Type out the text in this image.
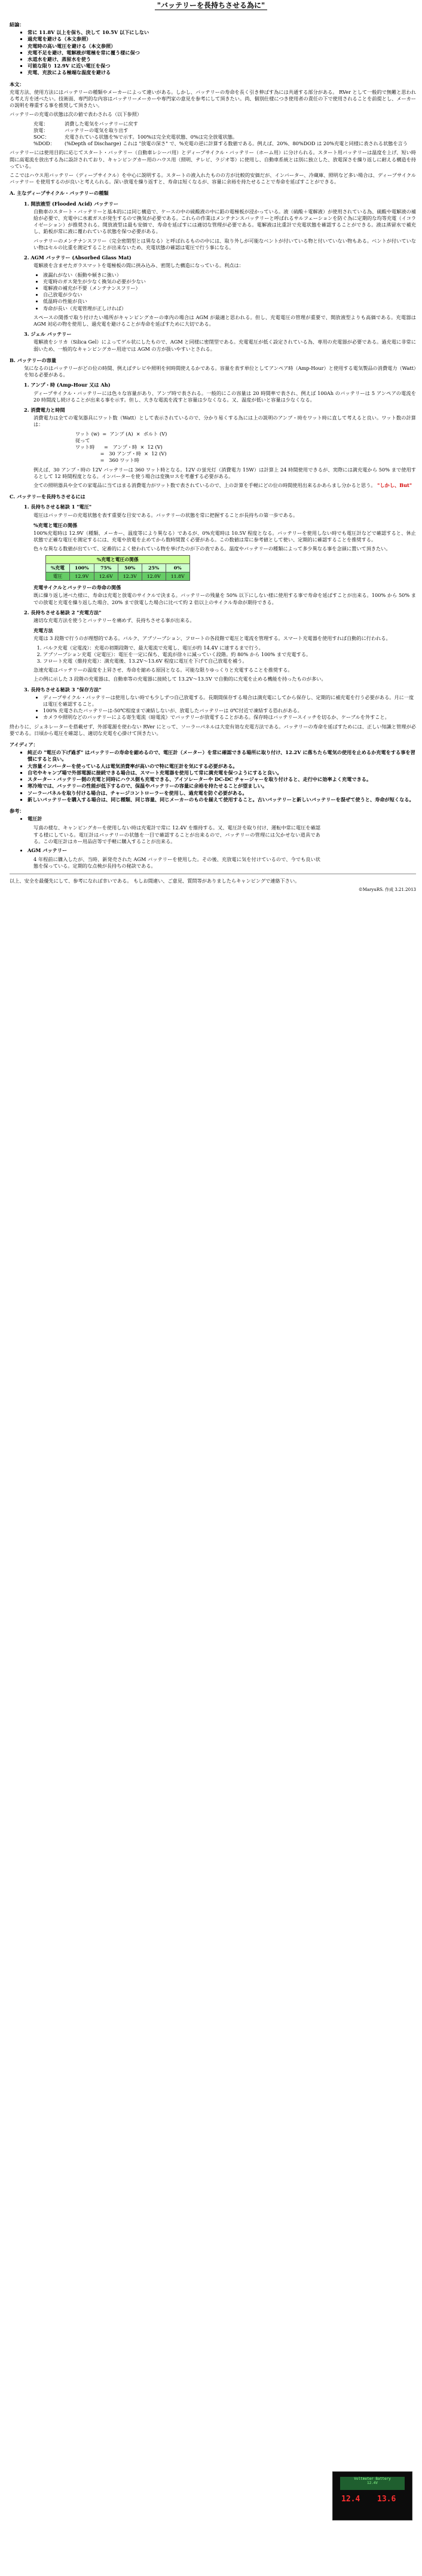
"バッテリーを長持ちさせる為に"
結論：
▪ 常に 11.8V 以上を保ち、決して 10.5V 以下にしない
▪ 過充電を避ける（本文参照）
▪ 充電時の高い電圧を避ける（本文参照）
▪ 充電不足を避け、電解液が電極を常に覆う様に保つ
▪ 水道水を避け、蒸留水を使う
▪ 可能な限り 12.9V に近い電圧を保つ
▪ 充電、充放による極端な温度を避ける
本文：
充電方法、使用方法にはバッテリーの種類やメーカーによって違いがある。しかし、バッテリーの寿命を長く引き伸ばす為には共通する部分がある。 RVer として一般的で無難と思われる考え方を述べたい。技術面、専門的な内容はバッテリーメーカーや専門家の意見を参考にして頂きたい。尚、個別仕様につき使用者の責任の下で使用されることを前提とし、メーカーの説明を尊重する事を推奨して頂きたい。
バッテリーの充電の状態は次の値で表わされる（以下参照）
充電：	消費した電気をバッテリーに戻す
放電：	バッテリーの電気を取り出す
SOC：	充電されている状態を%で示す。100%は完全充電状態、0%は完全放電状態。
%DOD： (%Depth of Discharge) これは "放電の深さ" で、%充電の逆に計算する数値である。例えば、20%、80%DOD は 20%充電と同様に表される状態を言う
バッテリーには使用目的に応じてスタート・バッテリー（自動車レシーバ用）とディープサイクル・バッテリー（ホーム用）に分けられる。スタート用バッテリーは温度を上げ、短い時間に高電流を放出する為に設計されており、キャンピングカー用のハウス用（照明、テレビ、ラジオ等）に使用し、自動車系統とは別に独立した、放電深さを繰り返しに耐える構造を持っている。
ここではハウス用バッテリー（ディープサイクル）を中心に説明する。スタートの液入れたものの方が比較的安価だが、インバーター、冷蔵庫、照明など多い場合は、ディープサイクル バッテリー を使用するのが良いと考えられる。深い放電を繰り返すと、寿命は短くなるが、容量に余裕を持たせることで寿命を延ばすことができる。
A. 主なディープサイクル・バッテリーの種類
1. 開放液型 (Flooded Acid) バッテリー
自動車のスタート・バッテリーと基本的には同じ構造で、ケースの中の硫酸液の中に鉛の電極板が浸かっている。液（硫酸＋電解液）が使用されている為、硫酸や電解液の補給が必要で、充電中に水素ガスが発生するので換気が必要である。これらの作業はメンテナンスバッテリーと呼ばれるサルフェーションを防ぐ為に定期的な均等充電（イコライゼーション）が推奨される。開放液型は最も安価で、寿命を延ばすには適切な管理が必要である。電解液は比重計で充電状態を確認することができる。液は蒸留水で補充し、鉛板が常に液に覆われている状態を保つ必要がある。
バッテリーのメンテナンスフリー（完全密閉型とは異なる）と呼ばれるものの中には、取り外しが可能なベントが付いている物と付いていない物もある。ベントが付いていない物はセルの比重を測定することが出来ないため、充電状態の確認は電圧で行う事になる。
2. AGM バッテリー (Absorbed Glass Mat)
電解液を含ませたガラスマットを電極板の間に挟み込み、密閉した構造になっている。利点は：
• 液漏れがない（振動や傾きに強い）
• 充電時のガス発生が少なく換気の必要が少ない
• 電解液の補充が不要（メンテナンスフリー）
• 自己放電が少ない
• 低温時の性能が良い
• 寿命が長い（充電管理が正しければ）
スペースの関係で取り付けたい場所がキャンピングカーの車内の場合は AGM が最適と思われる。但し、充電電圧の管理が重要で、開放液型よりも高価である。充電器は AGM 対応の物を使用し、過充電を避けることが寿命を延ばすために大切である。
3. ジェル バッテリー
電解液をシリカ（Silica Gel）によってゲル状にしたもので、AGM と同様に密閉型である。充電電圧が低く設定されている為、専用の充電器が必要である。過充電に非常に弱いため、一般的なキャンピングカー用途では AGM の方が扱いやすいとされる。
B. バッテリーの容量
気になるのはバッテリーがどの位の時間、例えばテレビや照明を何時間使えるかである。容量を表す単位としてアンペア時（Amp-Hour）と使用する電気製品の消費電力（Watt）を知る必要がある。
1. アンプ・時 (Amp-Hour 又は Ah)
ディープサイクル・バッテリーには色々な容量があり、アンプ時で表される。一般的にこの容量は 20 時間率で表され、例えば 100Ah のバッテリーは 5 アンペアの電流を 20 時間流し続けることが出来る事を示す。但し、大きな電流を流すと容量は少なくなる。又、温度が低いと容量は少なくなる。
2. 消費電力と時間
消費電力は全ての電気器具にワット数（Watt）として表示されているので、分かり易くする為には上の説明のアンプ・時をワット時に直して考えると良い。ワット数の計算は：
ワット (w)  =  アンプ (A)  ×  ボルト (V)
従って
ワット時      =   アンプ・時  ×  12 (V)
=   30 アンプ・時  ×  12 (V)
=   360 ワット時
例えば、30 アンプ・時の 12V バッテリーは 360 ワット時となる。12V の蛍光灯（消費電力 15W）は計算上 24 時間使用できるが、実際には満充電から 50% まで使用するとして 12 時間程度となる。インバーターを使う場合は変換ロスを考慮する必要がある。
全ての照明器具や全ての家電品に当てはまる消費電力がワット数で表されているので、上の計算を手軽にどの位の時間使用出来るかあらまし分かると思う。 "しかし、But"
C. バッテリーを長持ちさせるには
1. 長持ちさせる秘訣 1 "電圧"
電圧はバッテリーの充電状態を表す重要な目安である。バッテリーの状態を常に把握することが長持ちの第一歩である。
%充電と電圧の関係
100%充電時は 12.9V（種類、メーカー、温度等により異なる）であるが、0%充電時は 10.5V 程度となる。バッテリーを使用しない時でも電圧計などで確認すると、休止状態で正確な電圧を測定するには、充電や放電を止めてから数時間置く必要がある。この数値は常に参考値として使い、定期的に確認することを推奨する。
色々な異なる数値が出ていて、定番的によく使われている物を挙げたのが下の表である。温度やバッテリーの種類によって多少異なる事を念頭に置いて頂きたい。
%充電と電圧の関係					
%充電	100%	75%	50%	25%	0%
電圧	12.9V	12.6V	12.3V	12.0V	11.8V
充電サイクルとバッテリーの寿命の関係
既に繰り返し述べた様に、寿命は充電と放電のサイクルで決まる。バッテリーの残量を 50% 以下にしない様に使用する事で寿命を延ばすことが出来る。100% から 50% までの放電と充電を繰り返した場合、20% まで放電した場合に比べて約 2 倍以上のサイクル寿命が期待できる。
2. 長持ちさせる秘訣 2 "充電方法"
適切な充電方法を使うとバッテリーを痛めず、長持ちさせる事が出来る。
充電方法
充電は 3 段階で行うのが理想的である。バルク、アブソーブション、フロートの各段階で電圧と電流を管理する。スマート充電器を使用すれば自動的に行われる。
1. バルク充電（定電流）：充電の初期段階で、最大電流で充電し、電圧が約 14.4V に達するまで行う。
2. アブソーブション充電（定電圧）：電圧を一定に保ち、電流が徐々に減っていく段階。約 80% から 100% まで充電する。
3. フロート充電（維持充電）：満充電後、13.2V〜13.6V 程度に電圧を下げて自己放電を補う。
急速充電はバッテリーの温度を上昇させ、寿命を縮める原因となる。可能な限りゆっくりと充電することを推奨する。
上の例に示した 3 段階の充電器は、自動車等の充電器に接続して 13.2V〜13.5V で自動的に充電を止める機能を持ったものが多い。
3. 長持ちさせる秘訣 3 "保存方法"
• ディープサイクル・バッテリーは使用しない時でも少しずつ自己放電する。長期間保存する場合は満充電にしてから保存し、定期的に補充電を行う必要がある。月に一度は電圧を確認すること。
• 100% 充電されたバッテリーは-50℃程度まで凍結しないが、放電したバッテリーは 0℃付近で凍結する恐れがある。
• カメラや照明などのバッテリーによる寄生電流（暗電流）でバッテリーが放電することがある。保存時はバッテリースイッチを切るか、ケーブルを外すこと。
終わりに、ジェネレーターを搭載せず、外部電源を使わない RVer にとって、ソーラーパネルは大変有効な充電方法である。バッテリーの寿命を延ばすためには、正しい知識と管理が必要である。日頃から電圧を確認し、適切な充電を心掛けて頂きたい。
アイディア：
▪ 純正の "電圧の下げ過ぎ" はバッテリーの寿命を縮めるので、電圧計（メーター）を常に確認できる場所に取り付け、12.2V に落ちたら電気の使用を止めるか充電をする事を習慣にすると良い。
▪ 大容量インバーターを使っている人は電気消費率が高いので特に電圧計を気にする必要がある。
▪ 自宅やキャンプ場で外部電源に接続できる場合は、スマート充電器を使用して常に満充電を保つようにすると良い。
▪ スターター・バッテリー側の充電と同時にハウス側も充電できる、アイソレーターや DC-DC チャージャーを取り付けると、走行中に効率よく充電できる。
▪ 寒冷地では、バッテリーの性能が低下するので、保温やバッテリーの容量に余裕を持たせることが望ましい。
▪ ソーラーパネルを取り付ける場合は、チャージコントローラーを使用し、過充電を防ぐ必要がある。
▪ 新しいバッテリーを購入する場合は、同じ種類、同じ容量、同じメーカーのものを揃えて使用すること。古いバッテリーと新しいバッテリーを混ぜて使うと、寿命が短くなる。
参考：
• 電圧計
写真の様な、キャンピングカーを使用しない時は充電計で常に 12.4V を維持する。又、電圧計を取り付け、運転中常に電圧を確認する様にしている。電圧計はバッテリーの状態を一目で確認することが出来るので、バッテリーの管理には欠かせない道具である。この電圧計はカー用品店等で手軽に購入することが出来る。
• AGM バッテリー
4 年程前に購入したが、当時、新発売された AGM バッテリーを使用した。その後、充放電に気を付けているので、今でも良い状態を保っている。定期的な点検が長持ちの秘訣である。
以上、安全を最優先にして、参考になれば幸いである。 もしお間違い、ご意見、質問等がありましたらキャンピングで連絡下さい。
©MaryuRS. 作成 3.21.2013
Voltmeter Battery
12.4V
12.4 13.6
